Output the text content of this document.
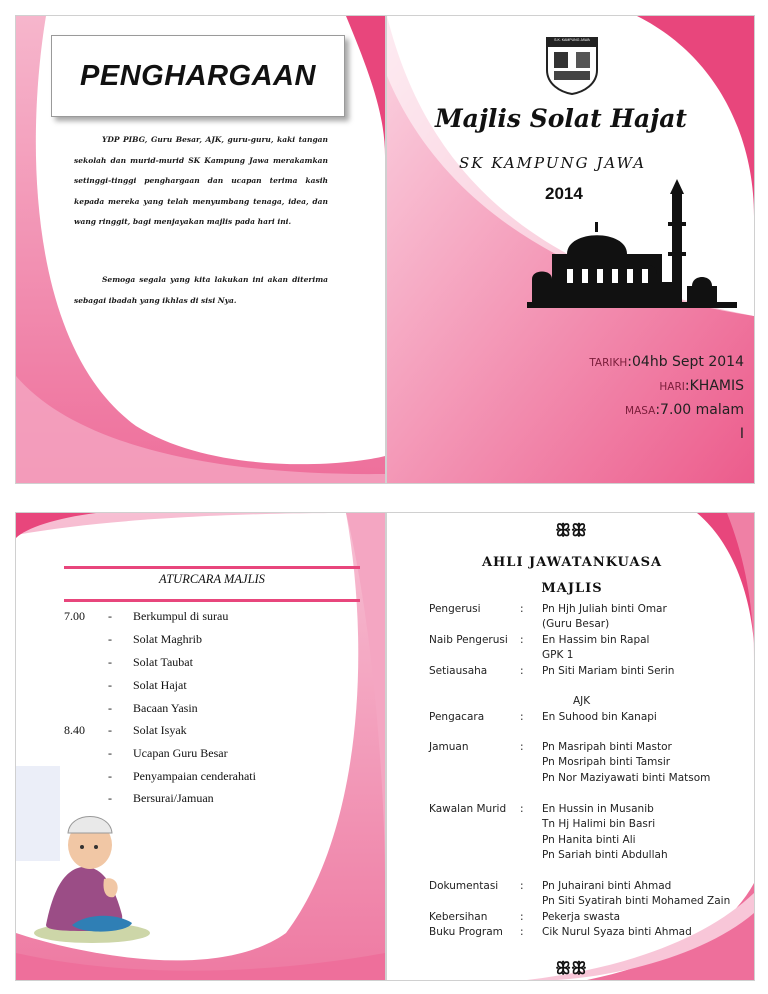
PENGHARGAAN
YDP PIBG, Guru Besar, AJK, guru-guru, kaki tangan sekolah dan murid-murid SK Kampung Jawa merakamkan setinggi-tinggi penghargaan dan ucapan terima kasih kepada mereka yang telah menyumbang tenaga, idea, dan wang ringgit, bagi menjayakan majlis pada hari ini.
Semoga segala yang kita lakukan ini akan diterima sebagai ibadah yang ikhlas di sisi Nya.
S.K. KAMPUNG JAWA
Majlis Solat Hajat
SK KAMPUNG JAWA
2014
TARIKH:04hb Sept 2014
HARI:KHAMIS
MASA:7.00 malam
I
ATURCARA MAJLIS
7.00 - Berkumpul di surau
- Solat Maghrib
- Solat Taubat
- Solat Hajat
- Bacaan Yasin
8.40 - Solat Isyak
- Ucapan Guru Besar
- Penyampaian cenderahati
- Bersurai/Jamuan
ꕥꕥ
AHLI JAWATANKUASA
MAJLIS
Pengerusi	: Pn Hjh Juliah binti Omar
(Guru Besar)
Naib Pengerusi : En Hassim bin Rapal
GPK 1
Setiausaha	: Pn Siti Mariam binti Serin
AJK
Pengacara	: En Suhood bin Kanapi
Jamuan	: Pn Masripah binti Mastor
Pn Mosripah binti Tamsir
Pn Nor Maziyawati binti Matsom
Kawalan Murid : En Hussin in Musanib
Tn Hj Halimi bin Basri
Pn Hanita binti Ali
Pn Sariah binti Abdullah
Dokumentasi : Pn Juhairani binti Ahmad
Pn Siti Syatirah binti Mohamed Zain
Kebersihan	: Pekerja swasta
Buku Program : Cik Nurul Syaza binti Ahmad
ꕥꕥ
